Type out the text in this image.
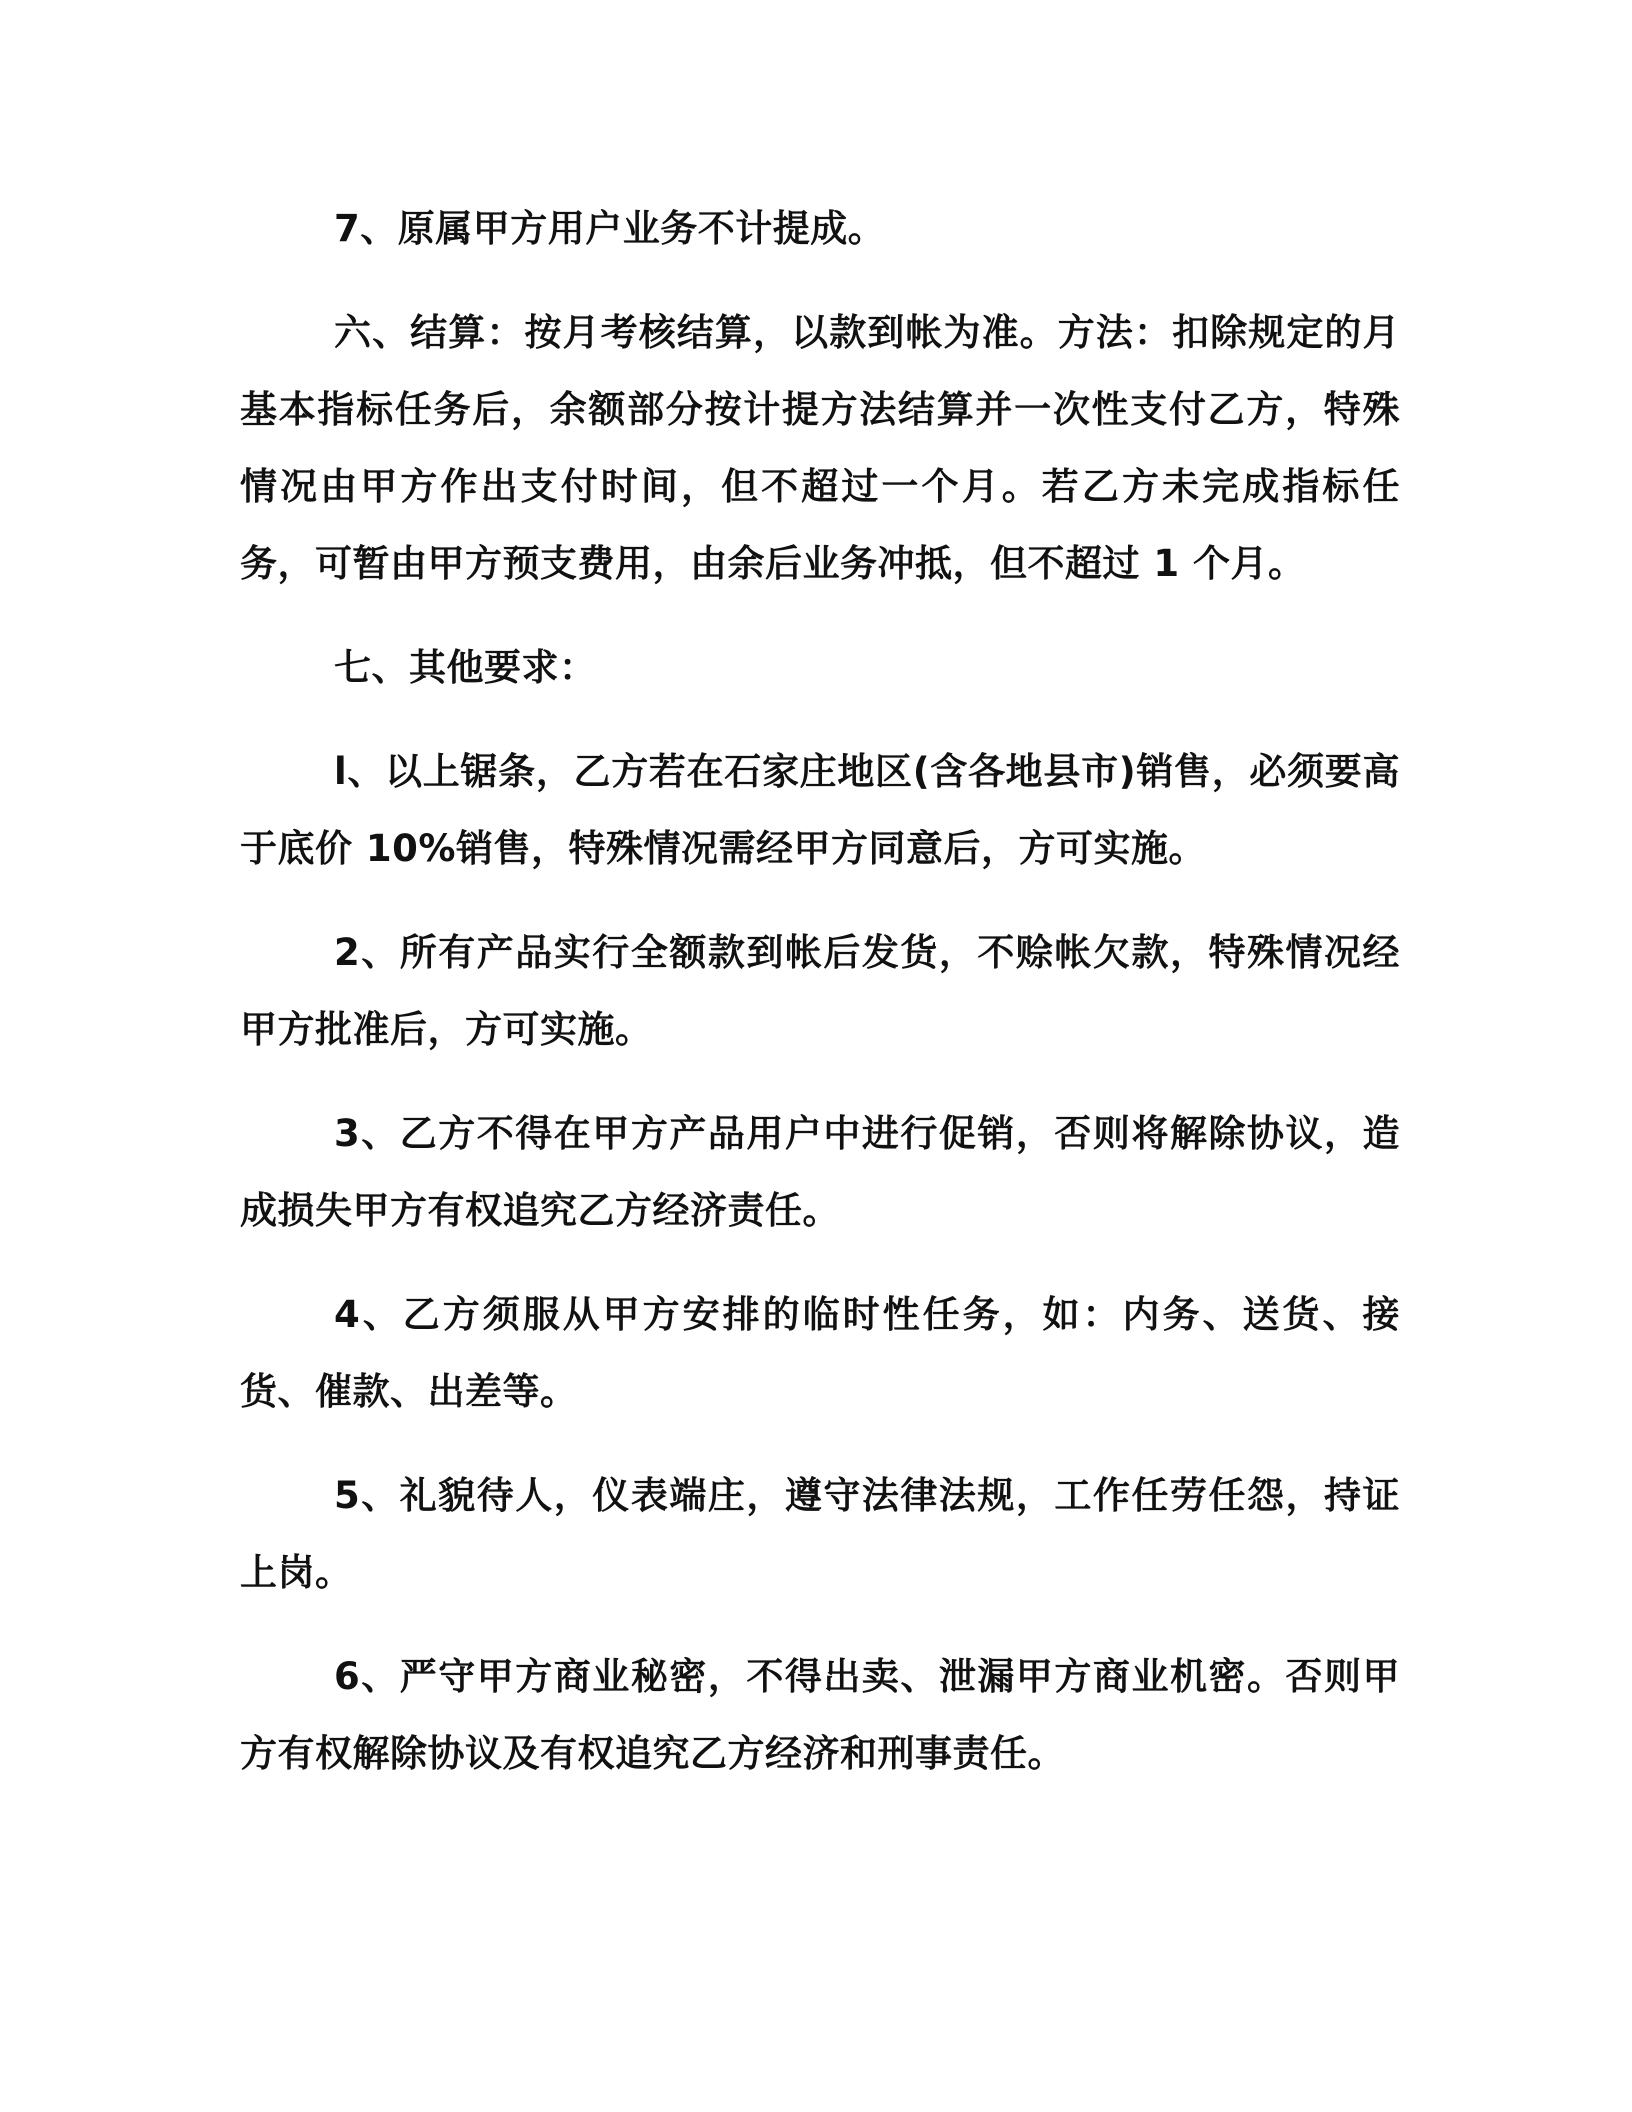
7、原属甲方用户业务不计提成。

六、结算：按月考核结算，以款到帐为准。方法：扣除规定的月基本指标任务后，余额部分按计提方法结算并一次性支付乙方，特殊情况由甲方作出支付时间，但不超过一个月。若乙方未完成指标任务，可暂由甲方预支费用，由余后业务冲抵，但不超过 1 个月。

七、其他要求：

l、以上锯条，乙方若在石家庄地区(含各地县市)销售，必须要高于底价 10%销售，特殊情况需经甲方同意后，方可实施。

2、所有产品实行全额款到帐后发货，不赊帐欠款，特殊情况经甲方批准后，方可实施。

3、乙方不得在甲方产品用户中进行促销，否则将解除协议，造成损失甲方有权追究乙方经济责任。

4、乙方须服从甲方安排的临时性任务，如：内务、送货、接货、催款、出差等。

5、礼貌待人，仪表端庄，遵守法律法规，工作任劳任怨，持证上岗。

6、严守甲方商业秘密，不得出卖、泄漏甲方商业机密。否则甲方有权解除协议及有权追究乙方经济和刑事责任。
